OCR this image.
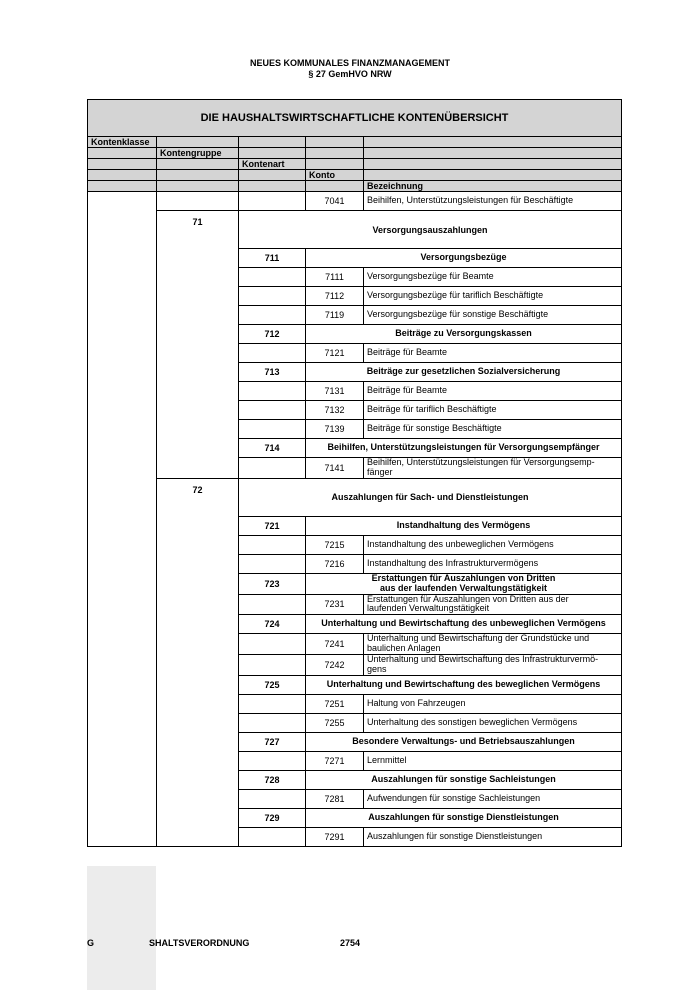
NEUES KOMMUNALES FINANZMANAGEMENT
§ 27 GemHVO NRW
DIE HAUSHALTSWIRTSCHAFTLICHE KONTENÜBERSICHT				
Kontenklasse				
	Kontengruppe			
		Kontenart		
			Konto	
				Bezeichnung
			7041	Beihilfen, Unterstützungsleistungen für Beschäftigte
	71	Versorgungsauszahlungen		
		711	Versorgungsbezüge	
			7111	Versorgungsbezüge für Beamte
			7112	Versorgungsbezüge für tariflich Beschäftigte
			7119	Versorgungsbezüge für sonstige Beschäftigte
		712	Beiträge zu Versorgungskassen	
			7121	Beiträge für Beamte
		713	Beiträge zur gesetzlichen Sozialversicherung	
			7131	Beiträge für Beamte
			7132	Beiträge für tariflich Beschäftigte
			7139	Beiträge für sonstige Beschäftigte
		714	Beihilfen, Unterstützungsleistungen für Versorgungsempfänger	
			7141	Beihilfen, Unterstützungsleistungen für Versorgungsemp-
fänger
	72	Auszahlungen für Sach- und Dienstleistungen		
		721	Instandhaltung des Vermögens	
			7215	Instandhaltung des unbeweglichen Vermögens
			7216	Instandhaltung des Infrastrukturvermögens
		723	Erstattungen für Auszahlungen von Dritten
aus der laufenden Verwaltungstätigkeit	
			7231	Erstattungen für Auszahlungen von Dritten aus der
laufenden Verwaltungstätigkeit
		724	Unterhaltung und Bewirtschaftung des unbeweglichen Vermögens	
			7241	Unterhaltung und Bewirtschaftung der Grundstücke und
baulichen Anlagen
			7242	Unterhaltung und Bewirtschaftung des Infrastrukturvermö-
gens
		725	Unterhaltung und Bewirtschaftung des beweglichen Vermögens	
			7251	Haltung von Fahrzeugen
			7255	Unterhaltung des sonstigen beweglichen Vermögens
		727	Besondere Verwaltungs- und Betriebsauszahlungen	
			7271	Lernmittel
		728	Auszahlungen für sonstige Sachleistungen	
			7281	Aufwendungen für sonstige Sachleistungen
		729	Auszahlungen für sonstige Dienstleistungen	
			7291	Auszahlungen für sonstige Dienstleistungen
G	SHALTSVERORDNUNG	2754
